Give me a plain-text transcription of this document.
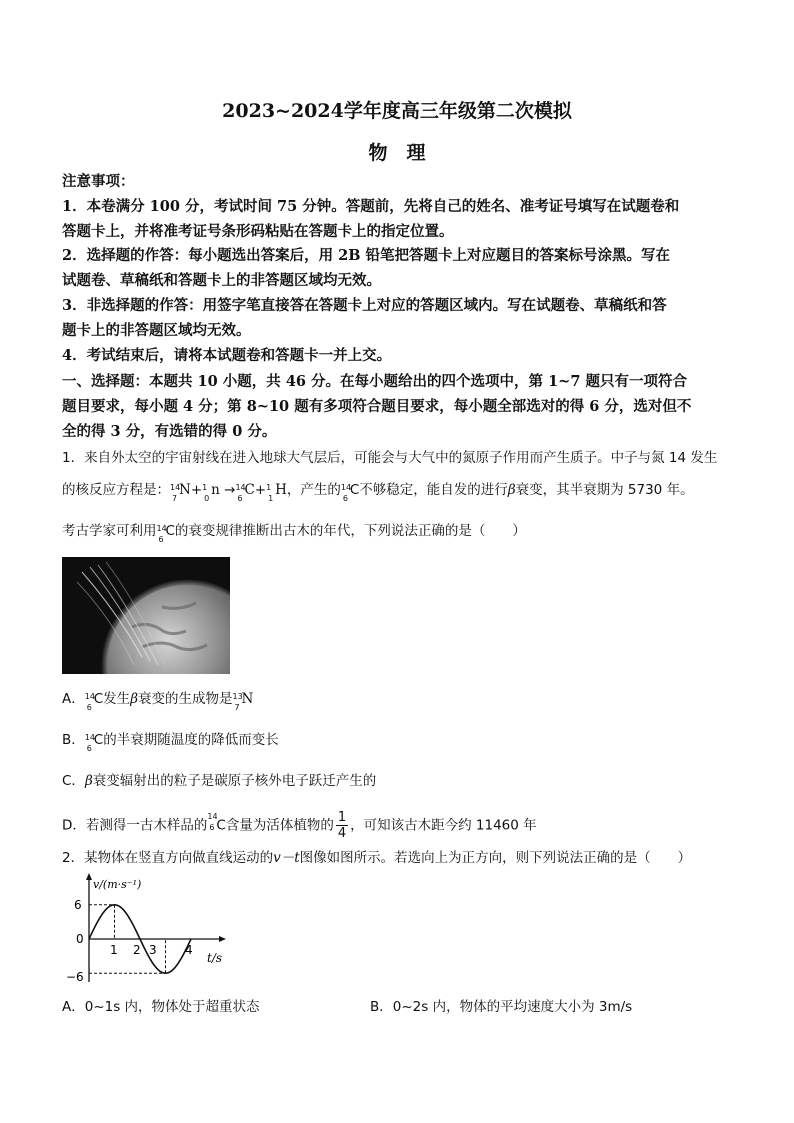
2023~2024学年度高三年级第二次模拟
物　理
注意事项：
1．本卷满分 100 分，考试时间 75 分钟。答题前，先将自己的姓名、准考证号填写在试题卷和
答题卡上，并将准考证号条形码粘贴在答题卡上的指定位置。
2．选择题的作答：每小题选出答案后，用 2B 铅笔把答题卡上对应题目的答案标号涂黑。写在
试题卷、草稿纸和答题卡上的非答题区域均无效。
3．非选择题的作答：用签字笔直接答在答题卡上对应的答题区域内。写在试题卷、草稿纸和答
题卡上的非答题区域均无效。
4．考试结束后，请将本试题卷和答题卡一并上交。
一、选择题：本题共 10 小题，共 46 分。在每小题给出的四个选项中，第 1~7 题只有一项符合
题目要求，每小题 4 分；第 8~10 题有多项符合题目要求，每小题全部选对的得 6 分，选对但不
全的得 3 分，有选错的得 0 分。
1．来自外太空的宇宙射线在进入地球大气层后，可能会与大气中的氮原子作用而产生质子。中子与氮 14 发生
的核反应方程是： 14
7
N+ 1
0
n → 14
6
C+ 1
1
H，产生的 14
6
C不够稳定，能自发的进行β衰变，其半衰期为 5730 年。
考古学家可利用 14
6
C的衰变规律推断出古木的年代，下列说法正确的是（　　）
A． 14
6
C发生β衰变的生成物是 13
7
N
B． 14
6
C的半衰期随温度的降低而变长
C．β衰变辐射出的粒子是碳原子核外电子跃迁产生的
D．若测得一古木样品的
14
6 C含量为活体植物的 $\frac{1}{4}$ ，可知该古木距今约 11460 年
2．某物体在竖直方向做直线运动的v－t图像如图所示。若选向上为正方向，则下列说法正确的是（　　）
v/(m·s⁻¹)
t/s
6
0
−6
1 2 3 4
A．0~1s 内，物体处于超重状态	B．0~2s 内，物体的平均速度大小为 3m/s
